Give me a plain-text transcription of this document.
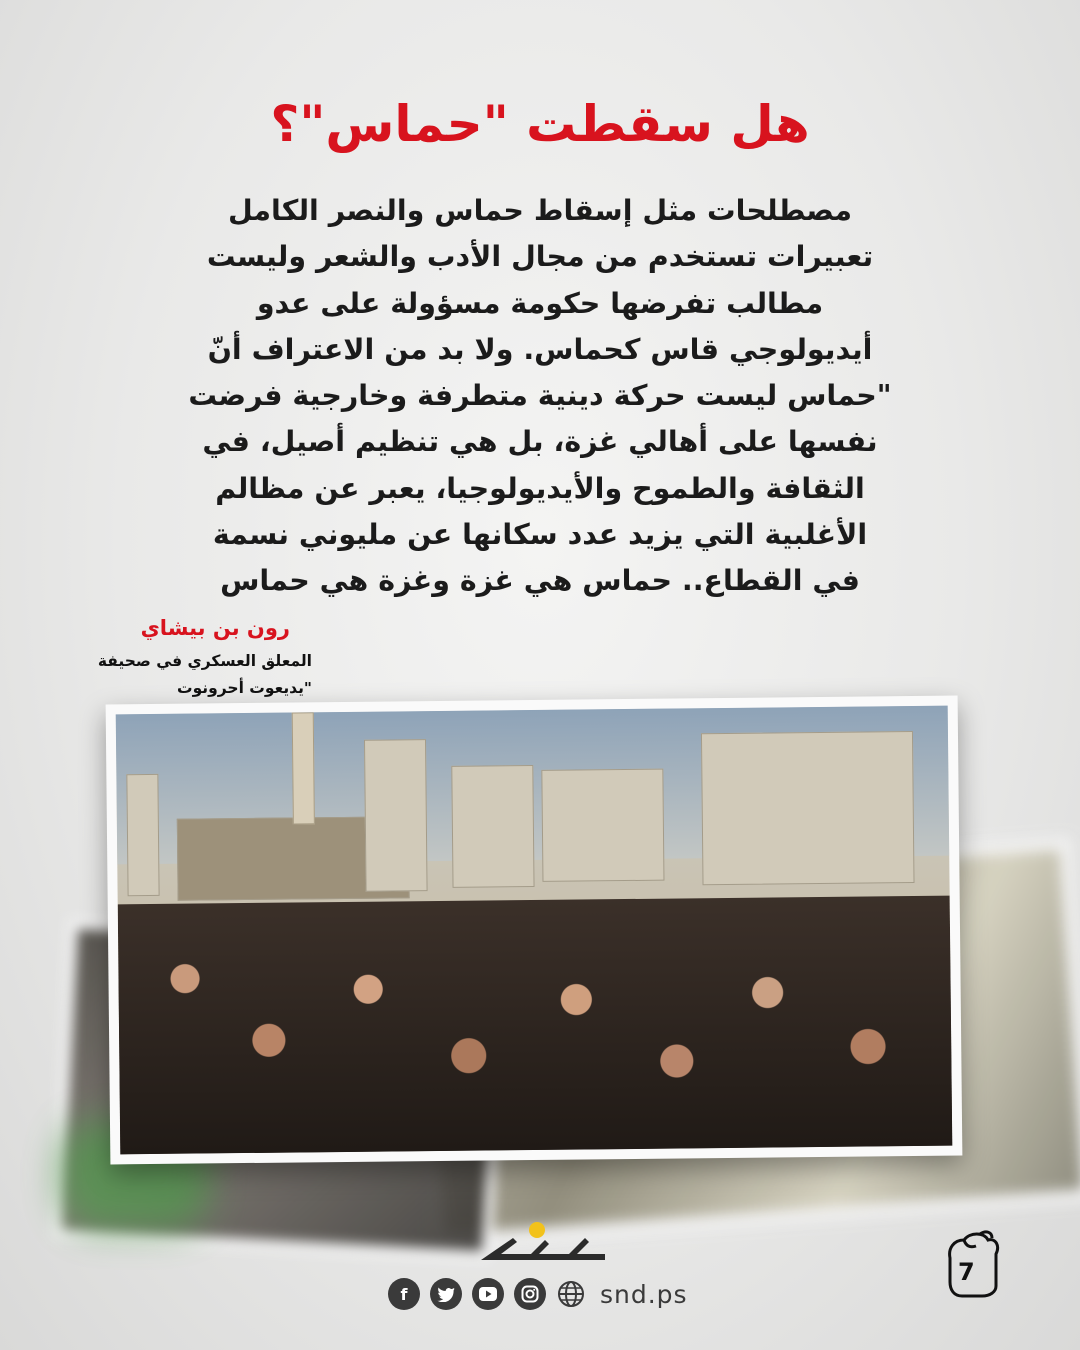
هل سقطت "حماس"؟
مصطلحات مثل إسقاط حماس والنصر الكامل
تعبيرات تستخدم من مجال الأدب والشعر وليست
مطالب تفرضها حكومة مسؤولة على عدو
أيديولوجي قاس كحماس. ولا بد من الاعتراف أنّ
"حماس ليست حركة دينية متطرفة وخارجية فرضت
نفسها على أهالي غزة، بل هي تنظيم أصيل، في
الثقافة والطموح والأيديولوجيا، يعبر عن مظالم
الأغلبية التي يزيد عدد سكانها عن مليوني نسمة
في القطاع.. حماس هي غزة وغزة هي حماس
رون بن بيشاي
المعلق العسكري في صحيفة
"يديعوت أحرونوت
f	snd.ps
7
